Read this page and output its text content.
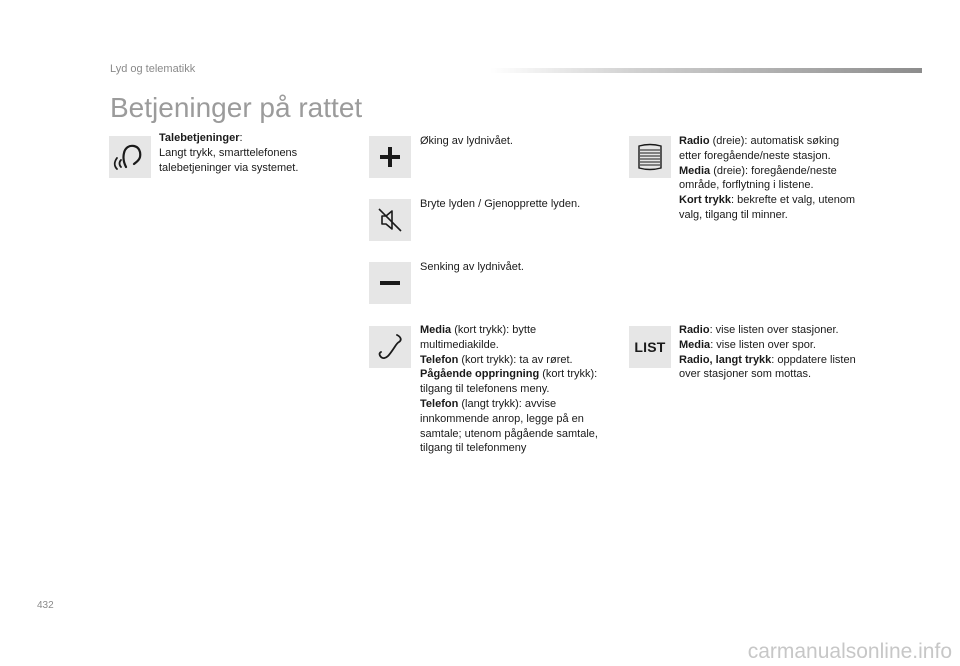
Lyd og telematikk
Betjeninger på rattet
Talebetjeninger:
Langt trykk, smarttelefonens
talebetjeninger via systemet.
Øking av lydnivået.
Bryte lyden / Gjenopprette lyden.
Senking av lydnivået.
Media (kort trykk): bytte
multimediakilde.
Telefon (kort trykk): ta av røret.
Pågående oppringning (kort trykk):
tilgang til telefonens meny.
Telefon (langt trykk): avvise
innkommende anrop, legge på en
samtale; utenom pågående samtale,
tilgang til telefonmeny
Radio (dreie): automatisk søking
etter foregående/neste stasjon.
Media (dreie): foregående/neste
område, forflytning i listene.
Kort trykk: bekrefte et valg, utenom
valg, tilgang til minner.
LIST
Radio: vise listen over stasjoner.
Media: vise listen over spor.
Radio, langt trykk: oppdatere listen
over stasjoner som mottas.
432
carmanualsonline.info
